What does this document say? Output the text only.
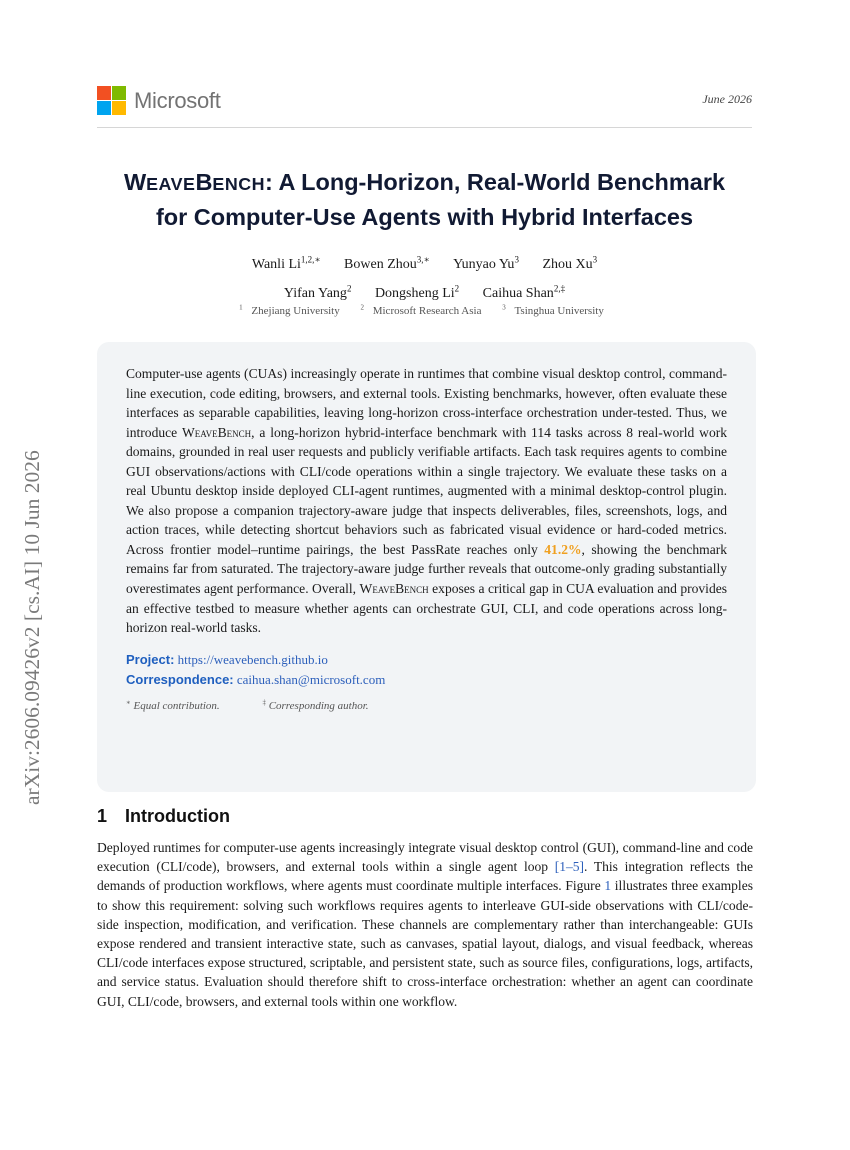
Microsoft	June 2026
arXiv:2606.09426v2 [cs.AI] 10 Jun 2026
WEAVEBENCH: A Long-Horizon, Real-World Benchmark
for Computer-Use Agents with Hybrid Interfaces
Wanli $Li^{1,2,∗}$ Bowen Zhou$^{3,∗}$ Yunyao Yu$^3$ Zhou Xu$^3$
Yifan Yang$^2$ Dongsheng Li$^2$ Caihua Shan$^{2,\ddagger}$
$^1$ Zhejiang University	$^2$ Microsoft Research Asia	$^3$ Tsinghua University

Computer-use agents (CUAs) increasingly operate in runtimes that combine visual desktop control, command-line execution, code editing, browsers, and external tools. Existing benchmarks, however, often evaluate these interfaces as separable capabilities, leaving long-horizon cross-interface orchestration under-tested. Thus, we introduce WeaveBench, a long-horizon hybrid-interface benchmark with 114 tasks across 8 real-world work domains, grounded in real user requests and publicly verifiable artifacts. Each task requires agents to combine GUI observations/actions with CLI/code operations within a single trajectory. We evaluate these tasks on a real Ubuntu desktop inside deployed CLI-agent runtimes, augmented with a minimal desktop-control plugin. We also propose a companion trajectory-aware judge that inspects deliverables, files, screenshots, logs, and action traces, while detecting shortcut behaviors such as fabricated visual evidence or hard-coded metrics. Across frontier model–runtime pairings, the best PassRate reaches only 41.2%, showing the benchmark remains far from saturated. The trajectory-aware judge further reveals that outcome-only grading substantially overestimates agent performance. Overall, WeaveBench exposes a critical gap in CUA evaluation and provides an effective testbed to measure whether agents can orchestrate GUI, CLI, and code operations across long-horizon real-world tasks.

Project: https://weavebench.github.io
Correspondence: caihua.shan@microsoft.com
∗ Equal contribution.	‡ Corresponding author.
1 Introduction

Deployed runtimes for computer-use agents increasingly integrate visual desktop control (GUI), command-line and code execution (CLI/code), browsers, and external tools within a single agent loop [1–5]. This integration reflects the demands of production workflows, where agents must coordinate multiple interfaces. Figure 1 illustrates three examples to show this requirement: solving such workflows requires agents to interleave GUI-side observations with CLI/code-side inspection, modification, and verification. These channels are complementary rather than interchangeable: GUIs expose rendered and transient interactive state, such as canvases, spatial layout, dialogs, and visual feedback, whereas CLI/code interfaces expose structured, scriptable, and persistent state, such as source files, configurations, logs, artifacts, and service status. Evaluation should therefore shift to cross-interface orchestration: whether an agent can coordinate GUI, CLI/code, browsers, and external tools within one workflow.
